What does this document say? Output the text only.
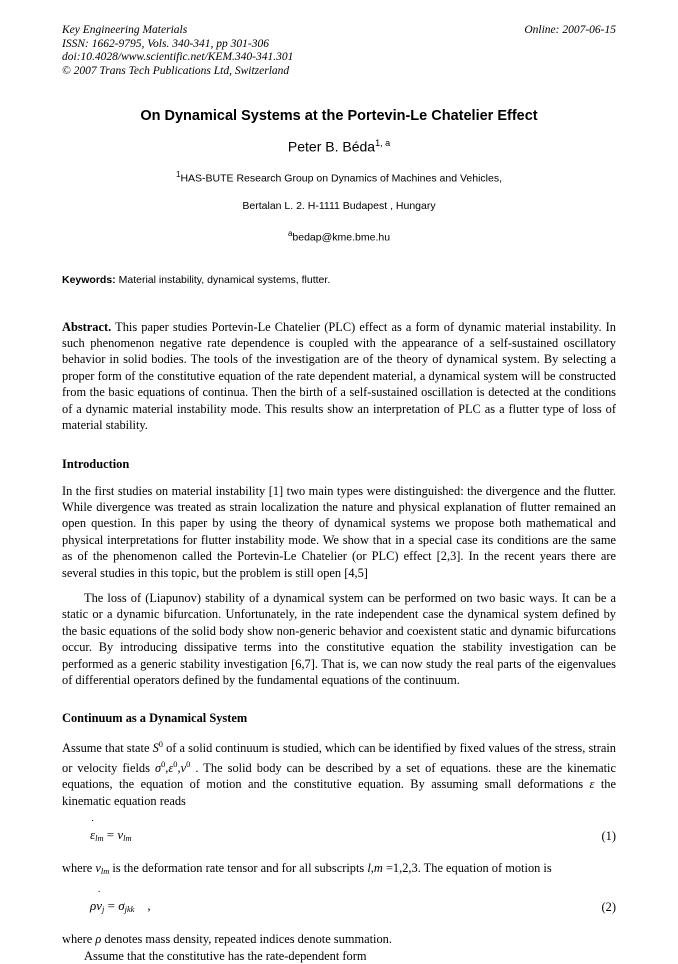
Key Engineering Materials
ISSN: 1662-9795, Vols. 340-341, pp 301-306
doi:10.4028/www.scientific.net/KEM.340-341.301
© 2007 Trans Tech Publications Ltd, Switzerland
Online: 2007-06-15
On Dynamical Systems at the Portevin-Le Chatelier Effect
Peter B. Béda$^{1, a}$
$^1$HAS-BUTE Research Group on Dynamics of Machines and Vehicles,
Bertalan L. 2. H-1111 Budapest , Hungary
$^a$bedap@kme.bme.hu
Keywords: Material instability, dynamical systems, flutter.
Abstract. This paper studies Portevin-Le Chatelier (PLC) effect as a form of dynamic material instability. In such phenomenon negative rate dependence is coupled with the appearance of a self-sustained oscillatory behavior in solid bodies. The tools of the investigation are of the theory of dynamical system. By selecting a proper form of the constitutive equation of the rate dependent material, a dynamical system will be constructed from the basic equations of continua. Then the birth of a self-sustained oscillation is detected at the conditions of a dynamic material instability mode. This results show an interpretation of PLC as a flutter type of loss of material stability.
Introduction

In the first studies on material instability [1] two main types were distinguished: the divergence and the flutter. While divergence was treated as strain localization the nature and physical explanation of flutter remained an open question. In this paper by using the theory of dynamical systems we propose both mathematical and physical interpretations for flutter instability mode. We show that in a special case its conditions are the same as of the phenomenon called the Portevin-Le Chatelier (or PLC) effect [2,3]. In the recent years there are several studies in this topic, but the problem is still open [4,5]

The loss of (Liapunov) stability of a dynamical system can be performed on two basic ways. It can be a static or a dynamic bifurcation. Unfortunately, in the rate independent case the dynamical system defined by the basic equations of the solid body show non-generic behavior and coexistent static and dynamic bifurcations occur. By introducing dissipative terms into the constitutive equation the stability investigation can be performed as a generic stability investigation [6,7]. That is, we can now study the real parts of the eigenvalues of differential operators defined by the fundamental equations of the continuum.

Continuum as a Dynamical System

Assume that state $S^0$ of a solid continuum is studied, which can be identified by fixed values of the stress, strain or velocity fields $\sigma^0,\varepsilon^0,v^0$ . The solid body can be described by a set of equations. these are the kinematic equations, the equation of motion and the constitutive equation. By assuming small deformations ε the kinematic equation reads

$\varepsilon_{lm} = v_{lm}$	(1)

where $v_{lm}$ is the deformation rate tensor and for all subscripts l,m =1,2,3. The equation of motion is

ρ
$v_j = \sigma_{jkk}$ ,	(2)

where ρ denotes mass density, repeated indices denote summation.

Assume that the constitutive has the rate-dependent form
